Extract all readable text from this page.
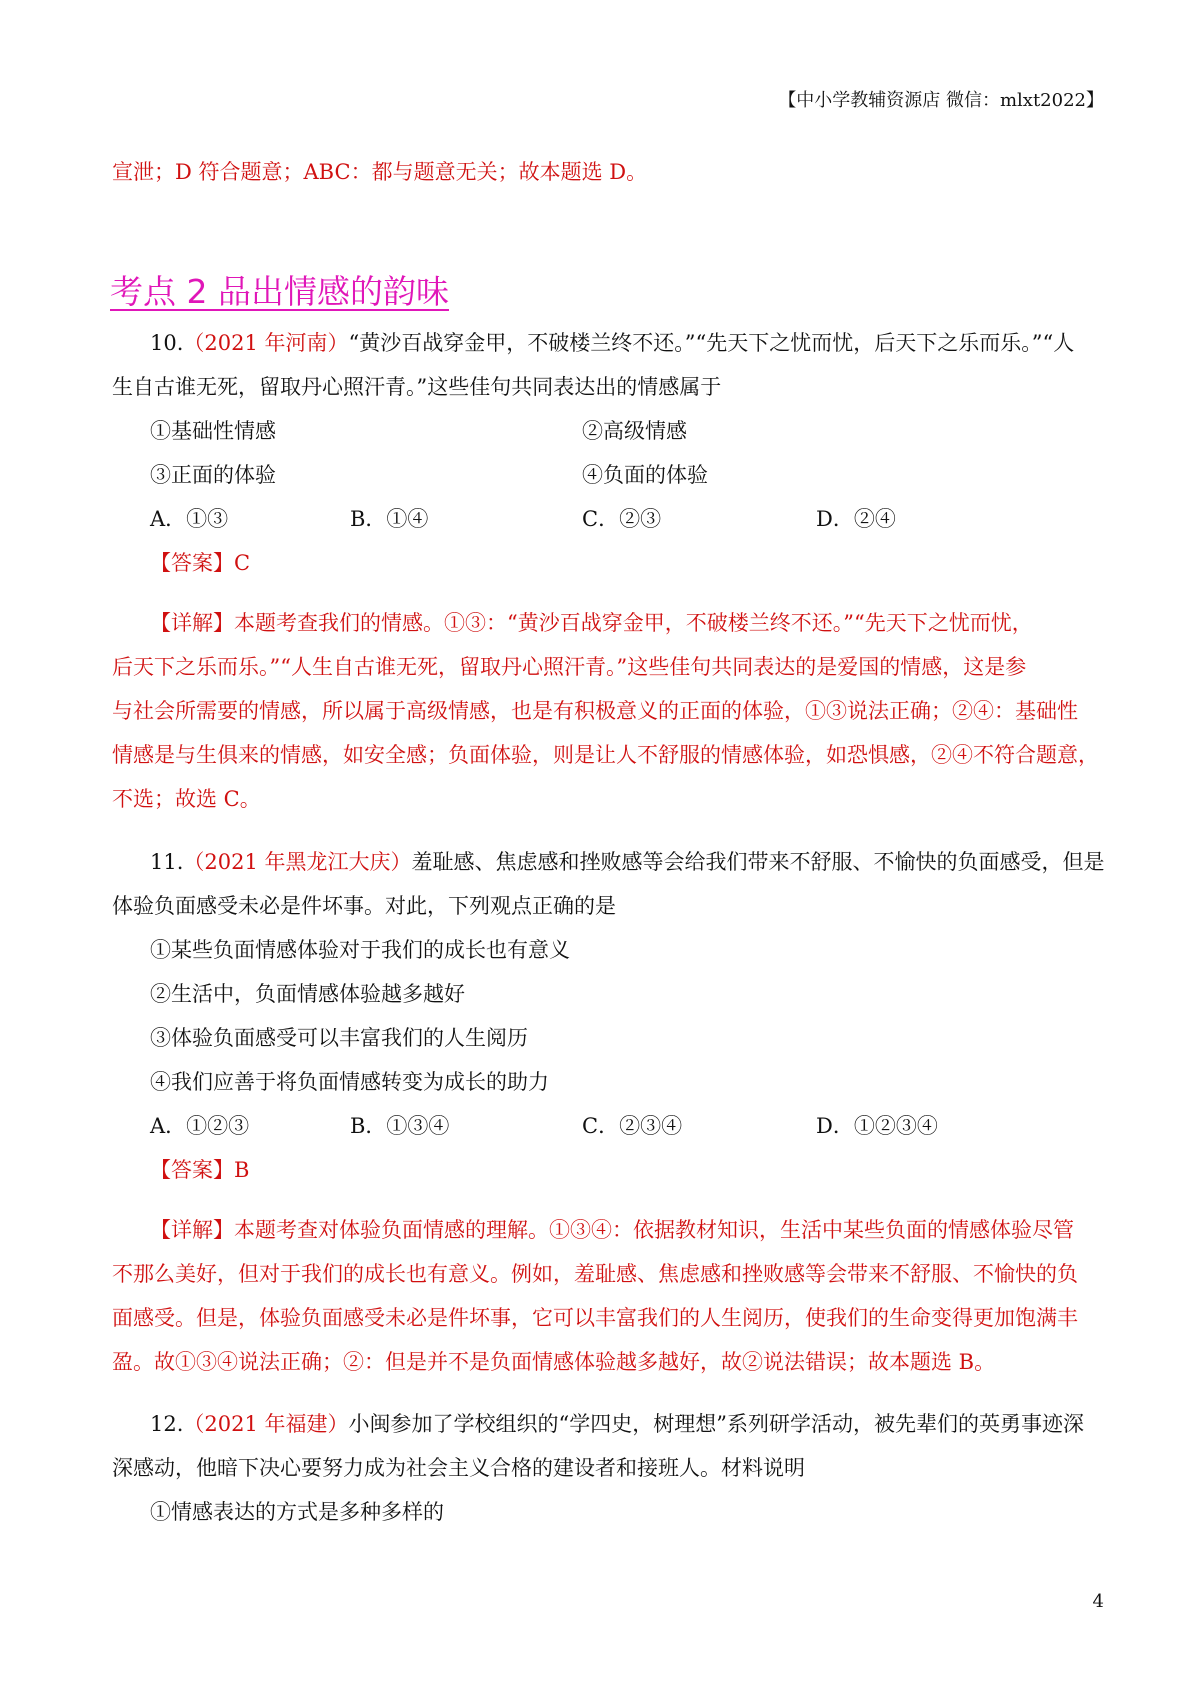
【中小学教辅资源店 微信：mlxt2022】
宣泄；D 符合题意；ABC：都与题意无关；故本题选 D。
考点 2 品出情感的韵味
10.（2021 年河南）“黄沙百战穿金甲，不破楼兰终不还。”“先天下之忧而忧，后天下之乐而乐。”“人
生自古谁无死，留取丹心照汗青。”这些佳句共同表达出的情感属于
①基础性情感	②高级情感
③正面的体验	④负面的体验
A．①③	B．①④	C．②③	D．②④
【答案】C
【详解】本题考查我们的情感。①③：“黄沙百战穿金甲，不破楼兰终不还。”“先天下之忧而忧，
后天下之乐而乐。”“人生自古谁无死，留取丹心照汗青。”这些佳句共同表达的是爱国的情感，这是参
与社会所需要的情感，所以属于高级情感，也是有积极意义的正面的体验，①③说法正确；②④：基础性
情感是与生俱来的情感，如安全感；负面体验，则是让人不舒服的情感体验，如恐惧感，②④不符合题意，
不选；故选 C。
11.（2021 年黑龙江大庆）羞耻感、焦虑感和挫败感等会给我们带来不舒服、不愉快的负面感受，但是
体验负面感受未必是件坏事。对此，下列观点正确的是
①某些负面情感体验对于我们的成长也有意义
②生活中，负面情感体验越多越好
③体验负面感受可以丰富我们的人生阅历
④我们应善于将负面情感转变为成长的助力
A．①②③	B．①③④	C．②③④	D．①②③④
【答案】B
【详解】本题考查对体验负面情感的理解。①③④：依据教材知识，生活中某些负面的情感体验尽管
不那么美好，但对于我们的成长也有意义。例如，羞耻感、焦虑感和挫败感等会带来不舒服、不愉快的负
面感受。但是，体验负面感受未必是件坏事，它可以丰富我们的人生阅历，使我们的生命变得更加饱满丰
盈。故①③④说法正确；②：但是并不是负面情感体验越多越好，故②说法错误；故本题选 B。
12.（2021 年福建）小闽参加了学校组织的“学四史，树理想”系列研学活动，被先辈们的英勇事迹深
深感动，他暗下决心要努力成为社会主义合格的建设者和接班人。材料说明
①情感表达的方式是多种多样的
4
